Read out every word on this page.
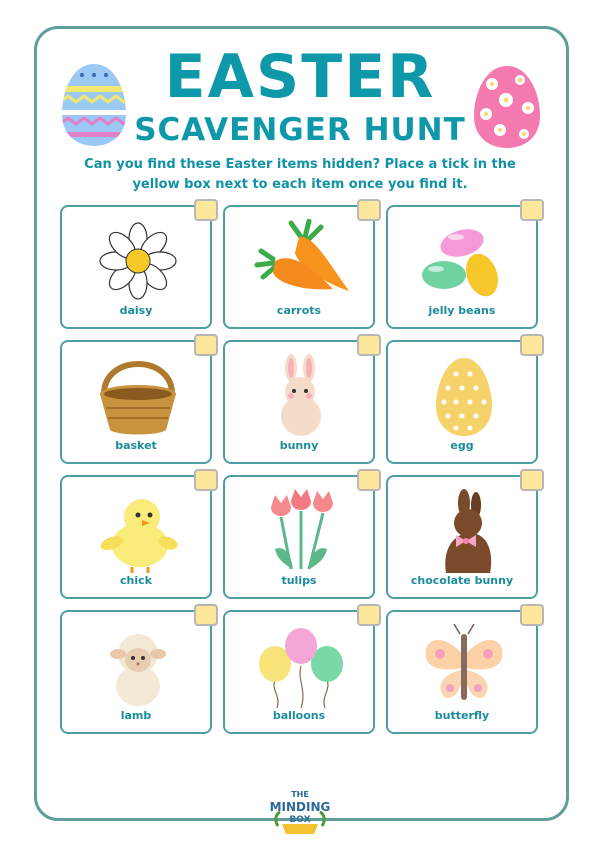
EASTER
SCAVENGER HUNT
Can you find these Easter items hidden? Place a tick in the yellow box next to each item once you find it.
daisy	carrots	jelly beans
basket	bunny	egg
chick	tulips	chocolate bunny
lamb	balloons	butterfly
THE
MINDING
BOX
